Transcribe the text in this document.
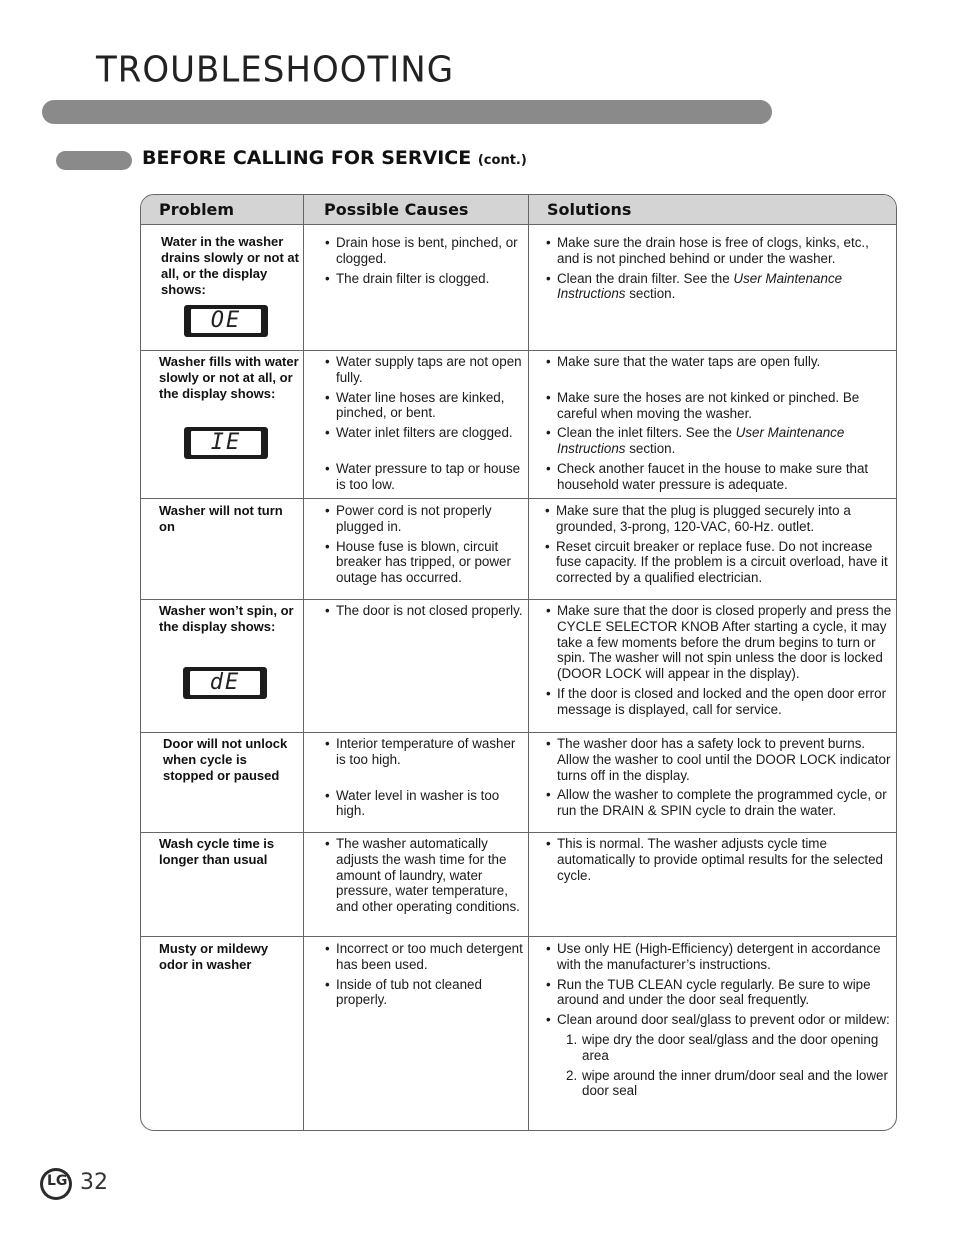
TROUBLESHOOTING
BEFORE CALLING FOR SERVICE (cont.)
Problem	Possible Causes	Solutions

Water in the washer drains slowly or not at all, or the display shows:

OE
• Drain hose is bent, pinched, or clogged.
• The drain filter is clogged.
• Make sure the drain hose is free of clogs, kinks, etc., and is not pinched behind or under the washer.
• Clean the drain filter. See the User Maintenance Instructions section.

Washer fills with water slowly or not at all, or the display shows:

IE
• Water supply taps are not open fully.
• Water line hoses are kinked, pinched, or bent.
• Water inlet filters are clogged.
• Water pressure to tap or house is too low.
• Make sure that the water taps are open fully.
• Make sure the hoses are not kinked or pinched. Be careful when moving the washer.
• Clean the inlet filters. See the User Maintenance Instructions section.
• Check another faucet in the house to make sure that household water pressure is adequate.

Washer will not turn on

• Power cord is not properly plugged in.
• House fuse is blown, circuit breaker has tripped, or power outage has occurred.
• Make sure that the plug is plugged securely into a grounded, 3-prong, 120-VAC, 60-Hz. outlet.
• Reset circuit breaker or replace fuse. Do not increase fuse capacity. If the problem is a circuit overload, have it corrected by a qualified electrician.

Washer won’t spin, or the display shows:

dE
• The door is not closed properly.
•	Make sure that the door is closed properly and press the CYCLE SELECTOR KNOB After starting a cycle, it may take a few moments before the drum begins to turn or spin. The washer will not spin unless the door is locked (DOOR LOCK will appear in the display).
• If the door is closed and locked and the open door error message is displayed, call for service.

Door will not unlock when cycle is stopped or paused

• Interior temperature of washer is too high.
• Water level in washer is too high.
• The washer door has a safety lock to prevent burns. Allow the washer to cool until the DOOR LOCK indicator turns off in the display.
• Allow the washer to complete the programmed cycle, or run the DRAIN & SPIN cycle to drain the water.

Wash cycle time is longer than usual

• The washer automatically adjusts the wash time for the amount of laundry, water pressure, water temperature, and other operating conditions.
• This is normal. The washer adjusts cycle time automatically to provide optimal results for the selected cycle.

Musty or mildewy odor in washer

• Incorrect or too much detergent has been used.
• Inside of tub not cleaned properly.
• Use only HE (High-Efficiency) detergent in accordance with the manufacturer’s instructions.
• Run the TUB CLEAN cycle regularly. Be sure to wipe around and under the door seal frequently.
• Clean around door seal/glass to prevent odor or mildew:
1. wipe dry the door seal/glass and the door opening area
2. wipe around the inner drum/door seal and the lower door seal
LG 32
